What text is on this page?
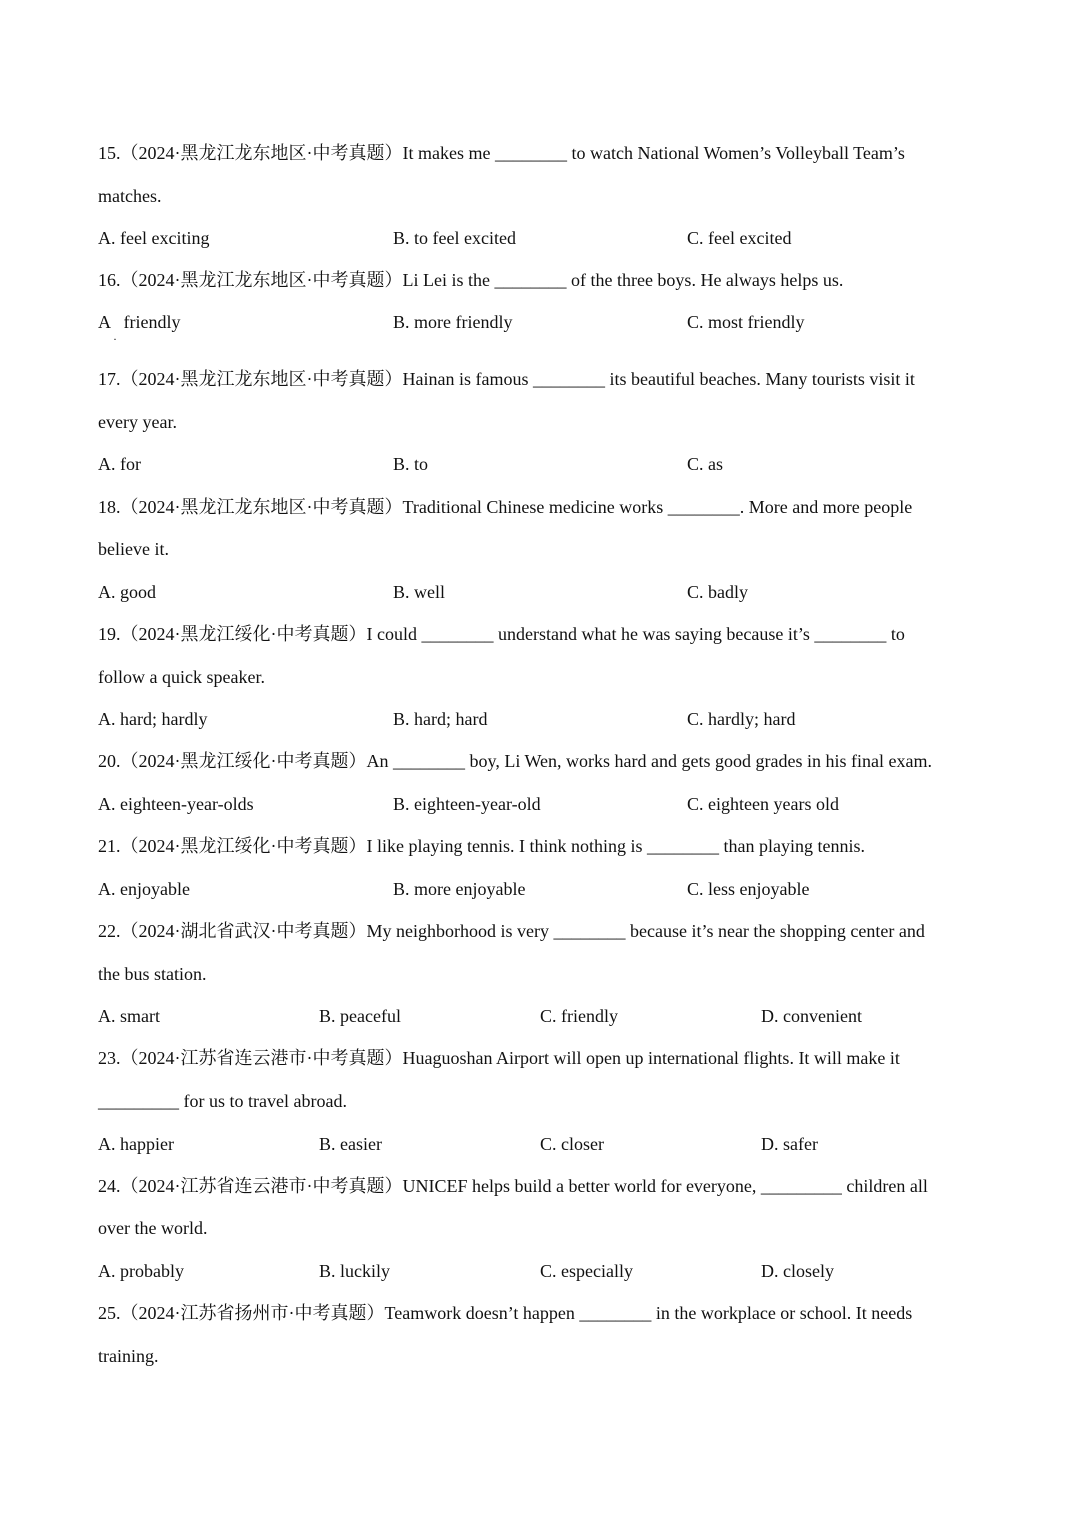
15.（2024·黑龙江龙东地区·中考真题）It makes me ________ to watch National Women’s Volleyball Team’s
matches.
A. feel exciting	B. to feel excited	C. feel excited
16.（2024·黑龙江龙东地区·中考真题）Li Lei is the ________ of the three boys. He always helps us.
A   friendly
·
B. more friendly	C. most friendly
17.（2024·黑龙江龙东地区·中考真题）Hainan is famous ________ its beautiful beaches. Many tourists visit it
every year.
A. for	B. to	C. as
18.（2024·黑龙江龙东地区·中考真题）Traditional Chinese medicine works ________. More and more people
believe it.
A. good	B. well	C. badly
19.（2024·黑龙江绥化·中考真题）I could ________ understand what he was saying because it’s ________ to
follow a quick speaker.
A. hard; hardly	B. hard; hard	C. hardly; hard
20.（2024·黑龙江绥化·中考真题）An ________ boy, Li Wen, works hard and gets good grades in his final exam.
A. eighteen-year-olds	B. eighteen-year-old	C. eighteen years old
21.（2024·黑龙江绥化·中考真题）I like playing tennis. I think nothing is ________ than playing tennis.
A. enjoyable	B. more enjoyable	C. less enjoyable
22.（2024·湖北省武汉·中考真题）My neighborhood is very ________ because it’s near the shopping center and
the bus station.
A. smart	B. peaceful	C. friendly	D. convenient
23.（2024·江苏省连云港市·中考真题）Huaguoshan Airport will open up international flights. It will make it
_________ for us to travel abroad.
A. happier	B. easier	C. closer	D. safer
24.（2024·江苏省连云港市·中考真题）UNICEF helps build a better world for everyone, _________ children all
over the world.
A. probably	B. luckily	C. especially	D. closely
25.（2024·江苏省扬州市·中考真题）Teamwork doesn’t happen ________ in the workplace or school. It needs
training.
